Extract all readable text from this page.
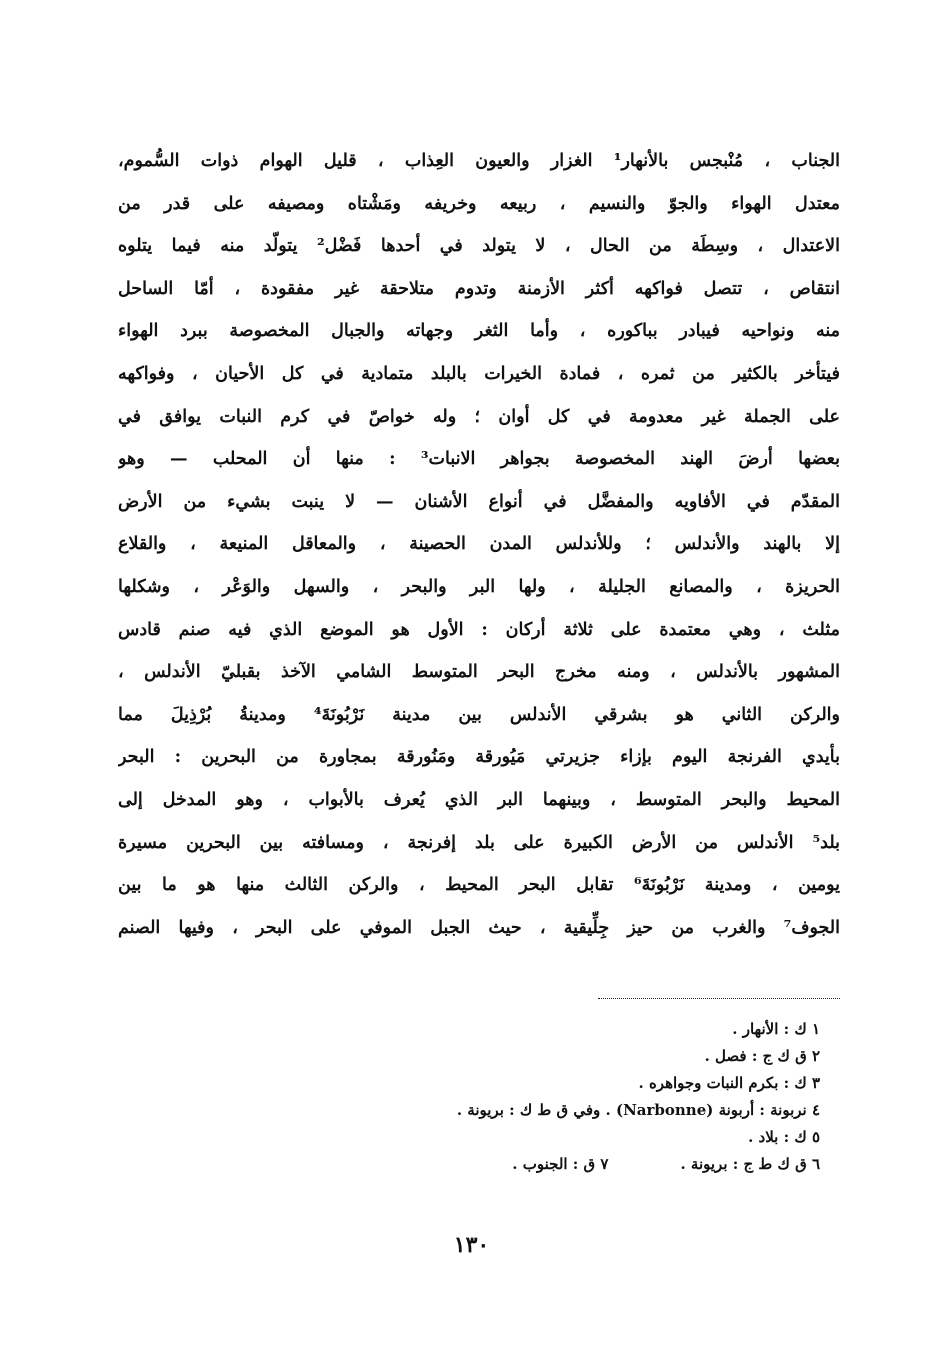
الجناب ، مُنْبجس بالأنهار¹ الغزار والعيون العِذاب ، قليل الهوام ذوات السُّموم،
معتدل الهواء والجوّ والنسيم ، ربيعه وخريفه ومَشْتاه ومصيفه على قدر من
الاعتدال ، وسِطَة من الحال ، لا يتولد في أحدها فَضْل² يتولّد منه فيما يتلوه
انتقاص ، تتصل فواكهه أكثر الأزمنة وتدوم متلاحقة غير مفقودة ، أمّا الساحل
منه ونواحيه فيبادر بباكوره ، وأما الثغر وجهاته والجبال المخصوصة ببرد الهواء
فيتأخر بالكثير من ثمره ، فمادة الخيرات بالبلد متمادية في كل الأحيان ، وفواكهه
على الجملة غير معدومة في كل أوان ؛ وله خواصّ في كرم النبات يوافق في
بعضها أرضَ الهند المخصوصة بجواهر الانبات³ : منها أن المحلب — وهو
المقدّم في الأفاويه والمفضَّل في أنواع الأشنان — لا ينبت بشيء من الأرض
إلا بالهند والأندلس ؛ وللأندلس المدن الحصينة ، والمعاقل المنيعة ، والقلاع
الحريزة ، والمصانع الجليلة ، ولها البر والبحر ، والسهل والوَعْر ، وشكلها
مثلث ، وهي معتمدة على ثلاثة أركان : الأول هو الموضع الذي فيه صنم قادس
المشهور بالأندلس ، ومنه مخرج البحر المتوسط الشامي الآخذ بقبليّ الأندلس ،
والركن الثاني هو بشرقي الأندلس بين مدينة نَرْبُونَةَ⁴ ومدينةُ بُرْذِيلَ مما
بأيدي الفرنجة اليوم بإزاء جزيرتي مَيُورقة ومَنُورقة بمجاورة من البحرين : البحر
المحيط والبحر المتوسط ، وبينهما البر الذي يُعرف بالأبواب ، وهو المدخل إلى
بلد⁵ الأندلس من الأرض الكبيرة على بلد إفرنجة ، ومسافته بين البحرين مسيرة
يومين ، ومدينة نَرْبُونَةَ⁶ تقابل البحر المحيط ، والركن الثالث منها هو ما بين
الجوف⁷ والغرب من حيز جِلِّيقية ، حيث الجبل الموفي على البحر ، وفيها الصنم
١ ك : الأنهار .
٢ ق ك ج : فصل .
٣ ك : بكرم النبات وجواهره .
٤ نربونة : أربونة (Narbonne) . وفي ق ط ك : بريونة .
٥ ك : بلاد .
٦ ق ك ط ج : بريونة .
٧ ق : الجنوب .
١٣٠
